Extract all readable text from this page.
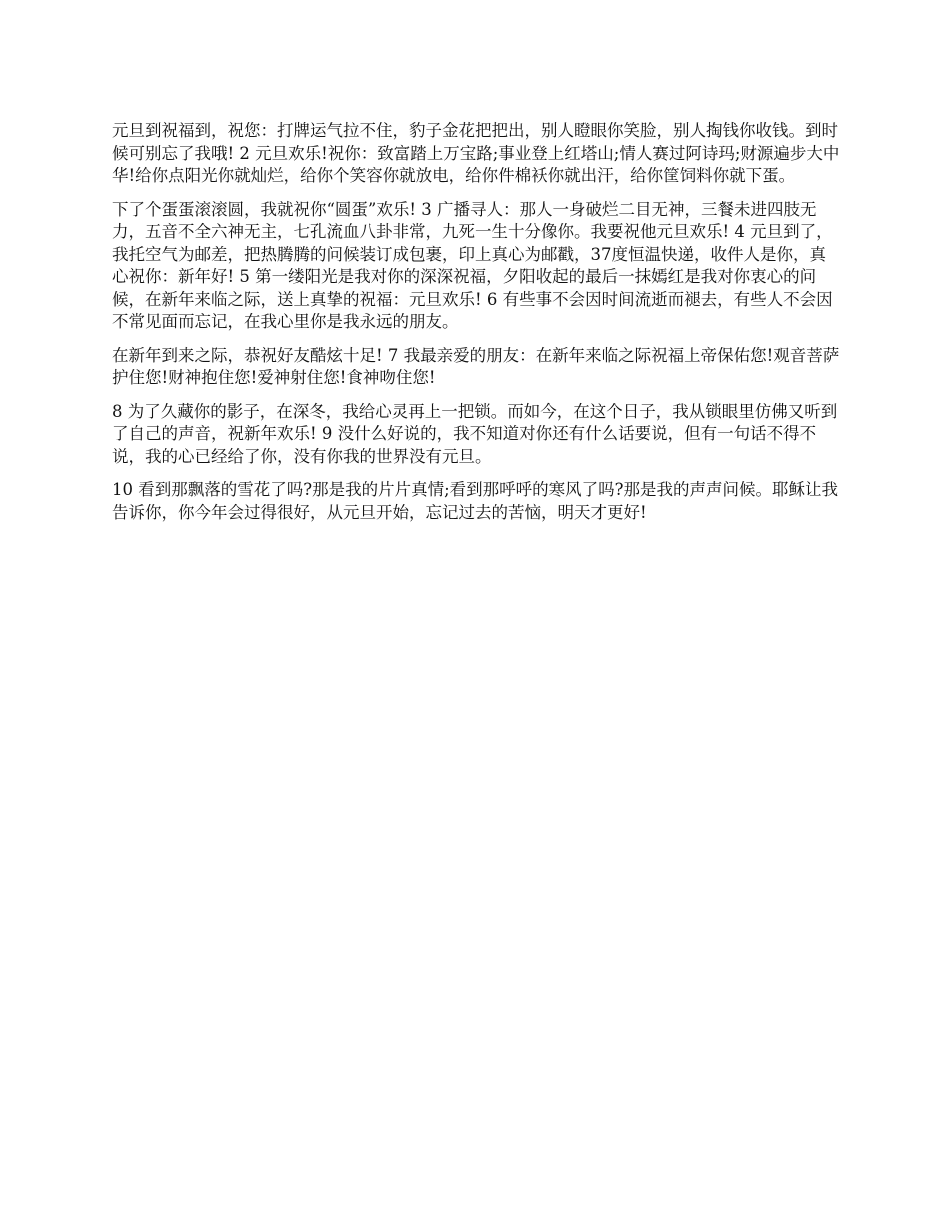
元旦到祝福到，祝您：打牌运气拉不住，豹子金花把把出，别人瞪眼你笑脸，别人掏钱你收钱。到时候可别忘了我哦! 2 元旦欢乐!祝你：致富踏上万宝路;事业登上红塔山;情人赛过阿诗玛;财源遍步大中华!给你点阳光你就灿烂，给你个笑容你就放电，给你件棉袄你就出汗，给你筐饲料你就下蛋。

下了个蛋蛋滚滚圆，我就祝你“圆蛋”欢乐! 3 广播寻人：那人一身破烂二目无神，三餐未进四肢无力，五音不全六神无主，七孔流血八卦非常，九死一生十分像你。我要祝他元旦欢乐! 4 元旦到了，我托空气为邮差，把热腾腾的问候装订成包裹，印上真心为邮戳，37度恒温快递，收件人是你，真心祝你：新年好! 5 第一缕阳光是我对你的深深祝福，夕阳收起的最后一抹嫣红是我对你衷心的问候，在新年来临之际，送上真挚的祝福：元旦欢乐! 6 有些事不会因时间流逝而褪去，有些人不会因不常见面而忘记，在我心里你是我永远的朋友。

在新年到来之际，恭祝好友酷炫十足! 7 我最亲爱的朋友：在新年来临之际祝福上帝保佑您!观音菩萨护住您!财神抱住您!爱神射住您!食神吻住您!

8 为了久藏你的影子，在深冬，我给心灵再上一把锁。而如今，在这个日子，我从锁眼里仿佛又听到了自己的声音，祝新年欢乐! 9 没什么好说的，我不知道对你还有什么话要说，但有一句话不得不说，我的心已经给了你，没有你我的世界没有元旦。

10 看到那飘落的雪花了吗?那是我的片片真情;看到那呼呼的寒风了吗?那是我的声声问候。耶稣让我告诉你，你今年会过得很好，从元旦开始，忘记过去的苦恼，明天才更好!
